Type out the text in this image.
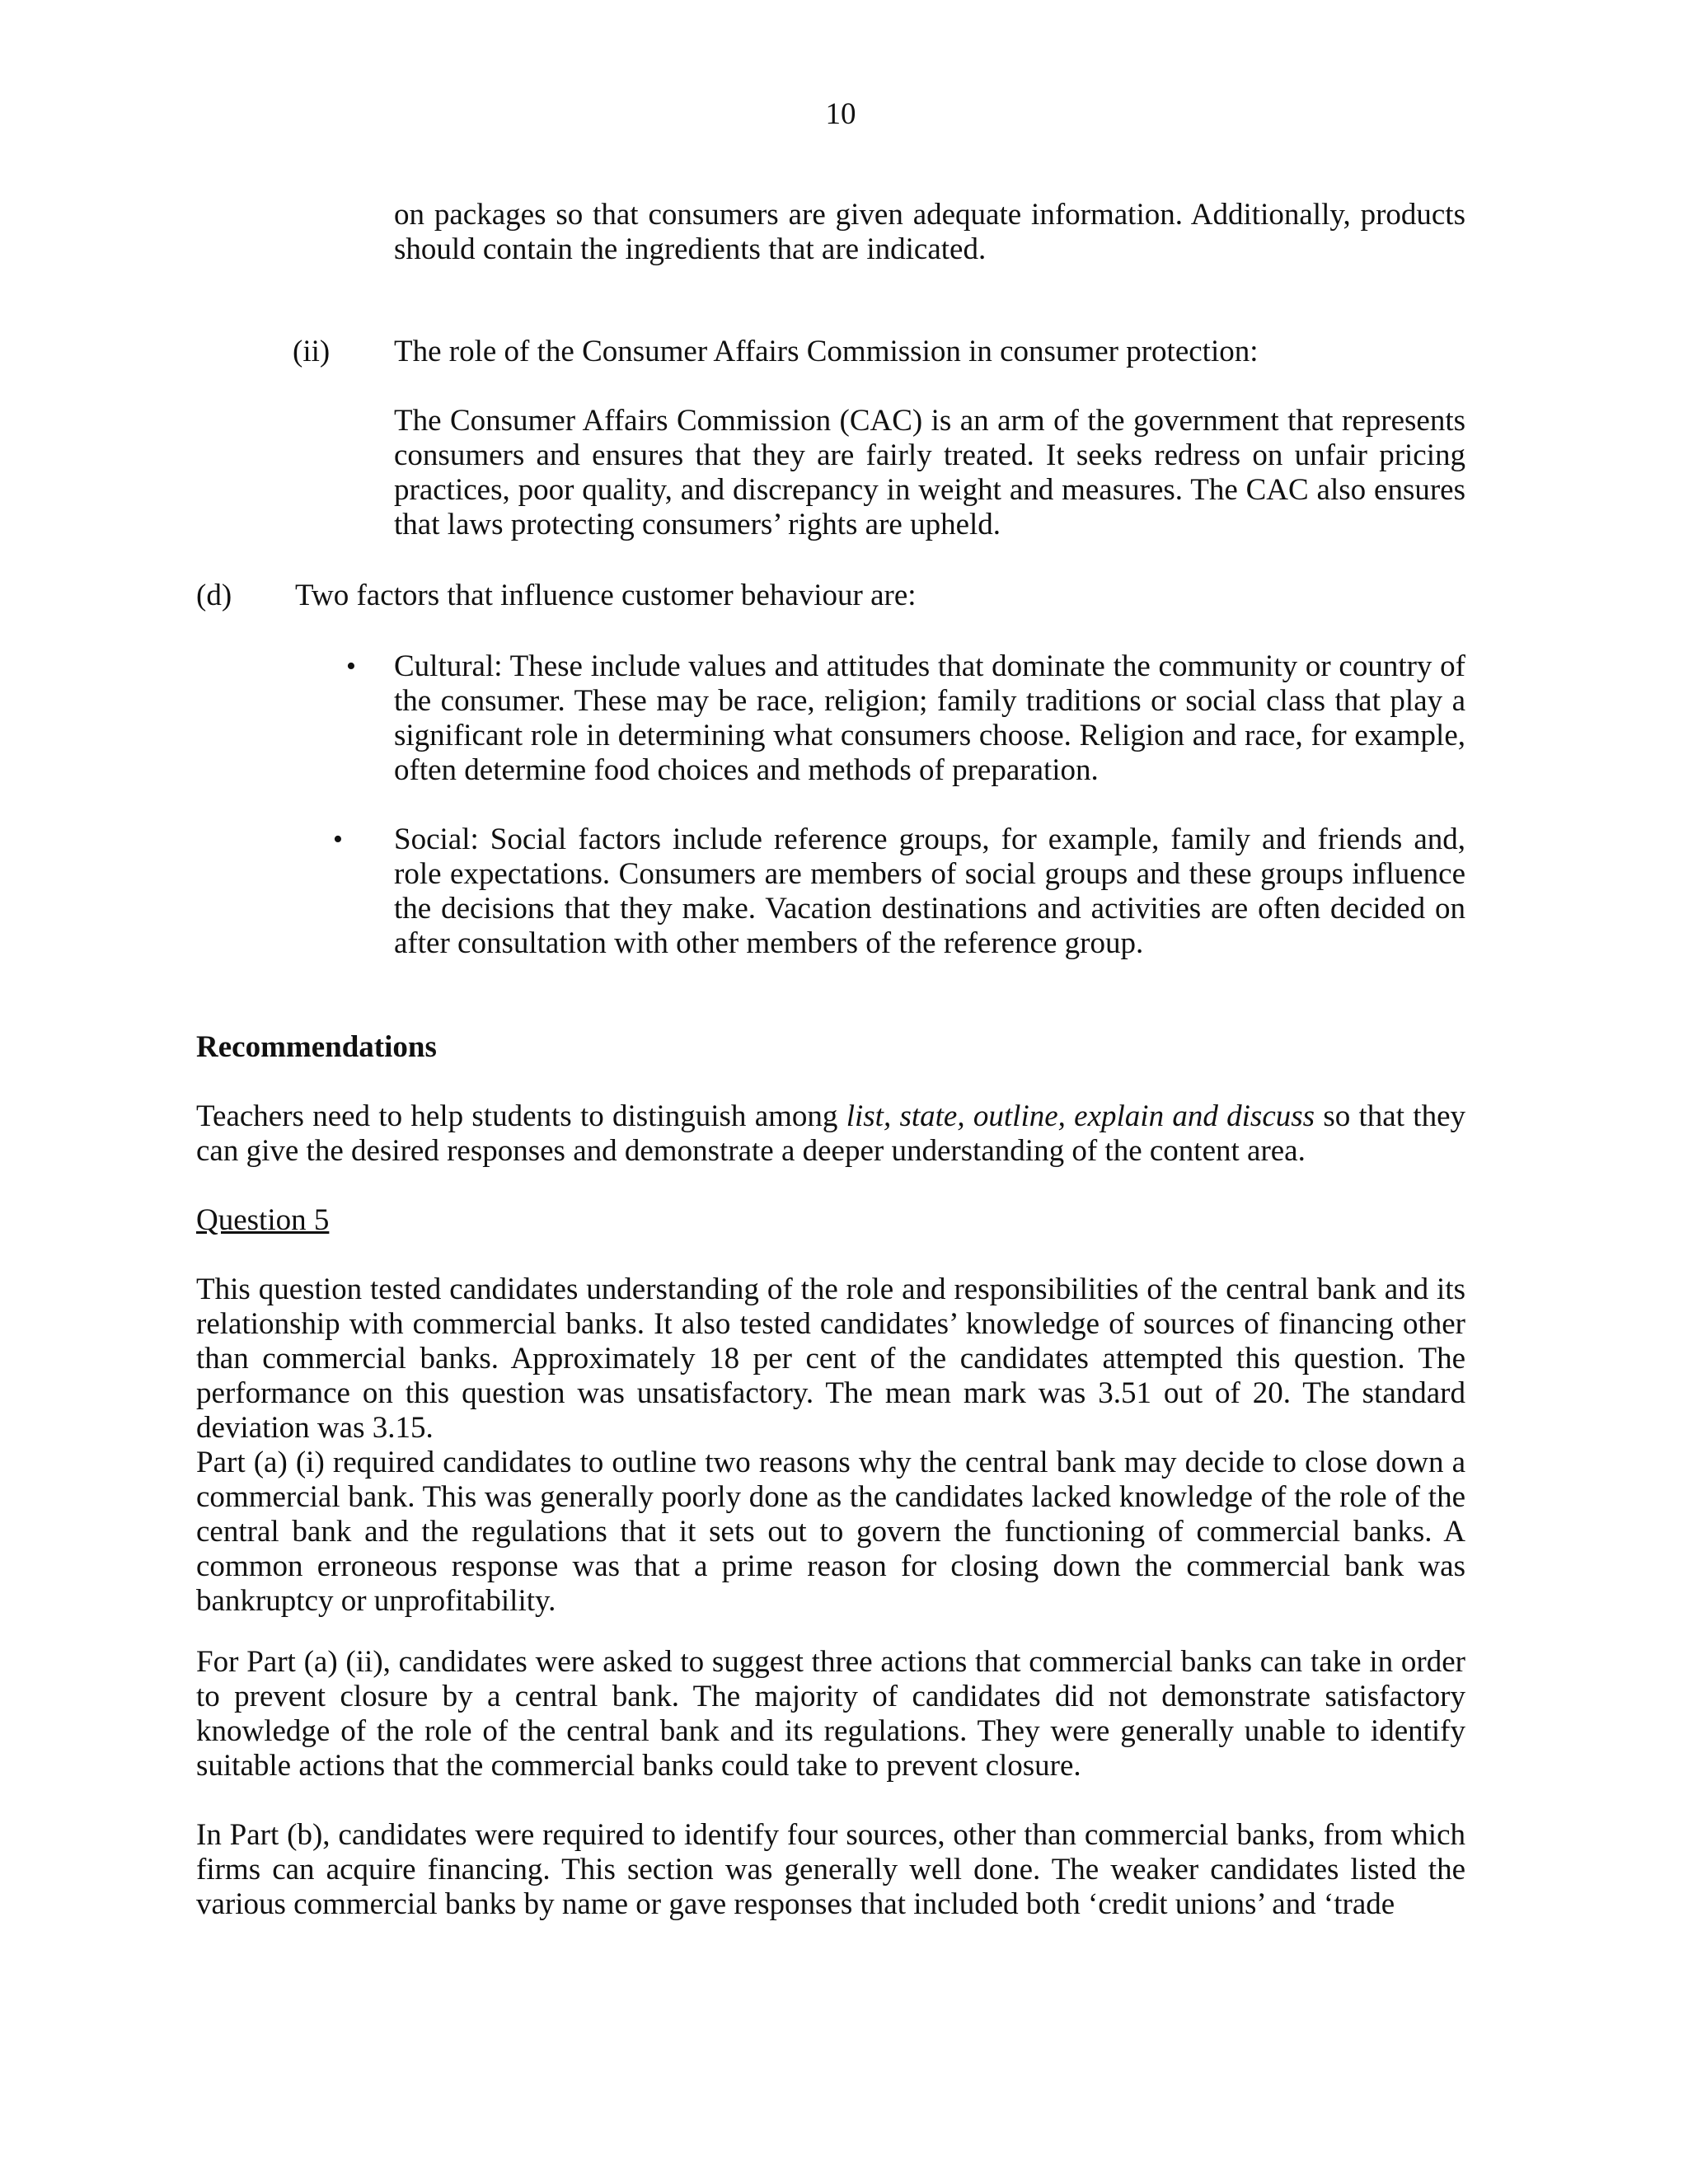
10

on packages so that consumers are given adequate information. Additionally, products should contain the ingredients that are indicated.

(ii) The role of the Consumer Affairs Commission in consumer protection:

The Consumer Affairs Commission (CAC) is an arm of the government that represents consumers and ensures that they are fairly treated. It seeks redress on unfair pricing practices, poor quality, and discrepancy in weight and measures. The CAC also ensures that laws protecting consumers’ rights are upheld.

(d) Two factors that influence customer behaviour are:

• Cultural: These include values and attitudes that dominate the community or country of the consumer. These may be race, religion; family traditions or social class that play a significant role in determining what consumers choose. Religion and race, for example, often determine food choices and methods of preparation.

• Social: Social factors include reference groups, for example, family and friends and, role expectations. Consumers are members of social groups and these groups influence the decisions that they make. Vacation destinations and activities are often decided on after consultation with other members of the reference group.

Recommendations

Teachers need to help students to distinguish among list, state, outline, explain and discuss so that they can give the desired responses and demonstrate a deeper understanding of the content area.

Question 5

This question tested candidates understanding of the role and responsibilities of the central bank and its relationship with commercial banks. It also tested candidates’ knowledge of sources of financing other than commercial banks. Approximately 18 per cent of the candidates attempted this question. The performance on this question was unsatisfactory. The mean mark was 3.51 out of 20. The standard deviation was 3.15.

Part (a) (i) required candidates to outline two reasons why the central bank may decide to close down a commercial bank. This was generally poorly done as the candidates lacked knowledge of the role of the central bank and the regulations that it sets out to govern the functioning of commercial banks. A common erroneous response was that a prime reason for closing down the commercial bank was bankruptcy or unprofitability.

For Part (a) (ii), candidates were asked to suggest three actions that commercial banks can take in order to prevent closure by a central bank. The majority of candidates did not demonstrate satisfactory knowledge of the role of the central bank and its regulations. They were generally unable to identify suitable actions that the commercial banks could take to prevent closure.

In Part (b), candidates were required to identify four sources, other than commercial banks, from which firms can acquire financing. This section was generally well done. The weaker candidates listed the various commercial banks by name or gave responses that included both ‘credit unions’ and ‘trade
